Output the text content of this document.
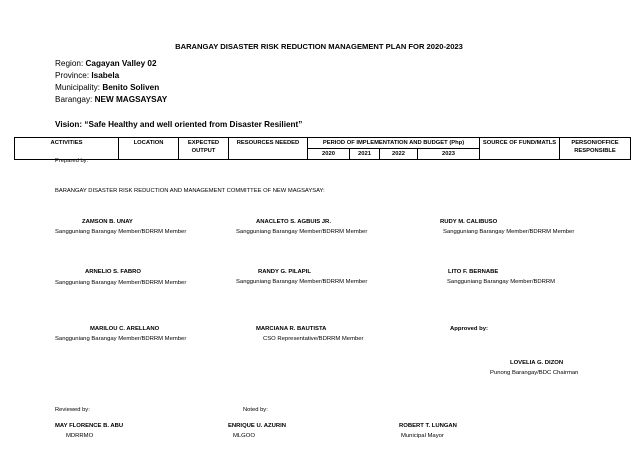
BARANGAY DISASTER RISK REDUCTION MANAGEMENT PLAN FOR 2020-2023
Region: Cagayan Valley 02
Province: Isabela
Municipality: Benito Soliven
Barangay: NEW MAGSAYSAY
Vision: “Safe Healthy and well oriented from Disaster Resilient”
ACTIVITIES	LOCATION	EXPECTED OUTPUT	RESOURCES NEEDED	PERIOD OF IMPLEMENTATION AND BUDGET (Php)				SOURCE OF FUND/MATLS	PERSON/OFFICE RESPONSIBLE
				2020	2021	2022	2023		
Prepared by:
BARANGAY DISASTER RISK REDUCTION AND MANAGEMENT COMMITTEE OF NEW MAGSAYSAY:
ZAMSON B. UNAY
Sangguniang Barangay Member/BDRRM Member
ANACLETO S. AGBUIS JR.
Sangguniang Barangay Member/BDRRM Member
RUDY M. CALIBUSO
Sangguniang Barangay Member/BDRRM Member
ARNELIO S. FABRO
Sangguniang Barangay Member/BDRRM Member
RANDY G. PILAPIL
Sangguniang Barangay Member/BDRRM Member
LITO F. BERNABE
Sangguniang Barangay Member/BDRRM
MARILOU C. ARELLANO
Sangguniang Barangay Member/BDRRM Member
MARCIANA R. BAUTISTA
CSO Representative/BDRRM Member
Approved by:
LOVELIA G. DIZON
Punong Barangay/BDC Chairman
Reviewed by:	Noted by:
MAY FLORENCE B. ABU
MDRRMO
ENRIQUE U. AZURIN
MLGOO
ROBERT T. LUNGAN
Municipal Mayor
